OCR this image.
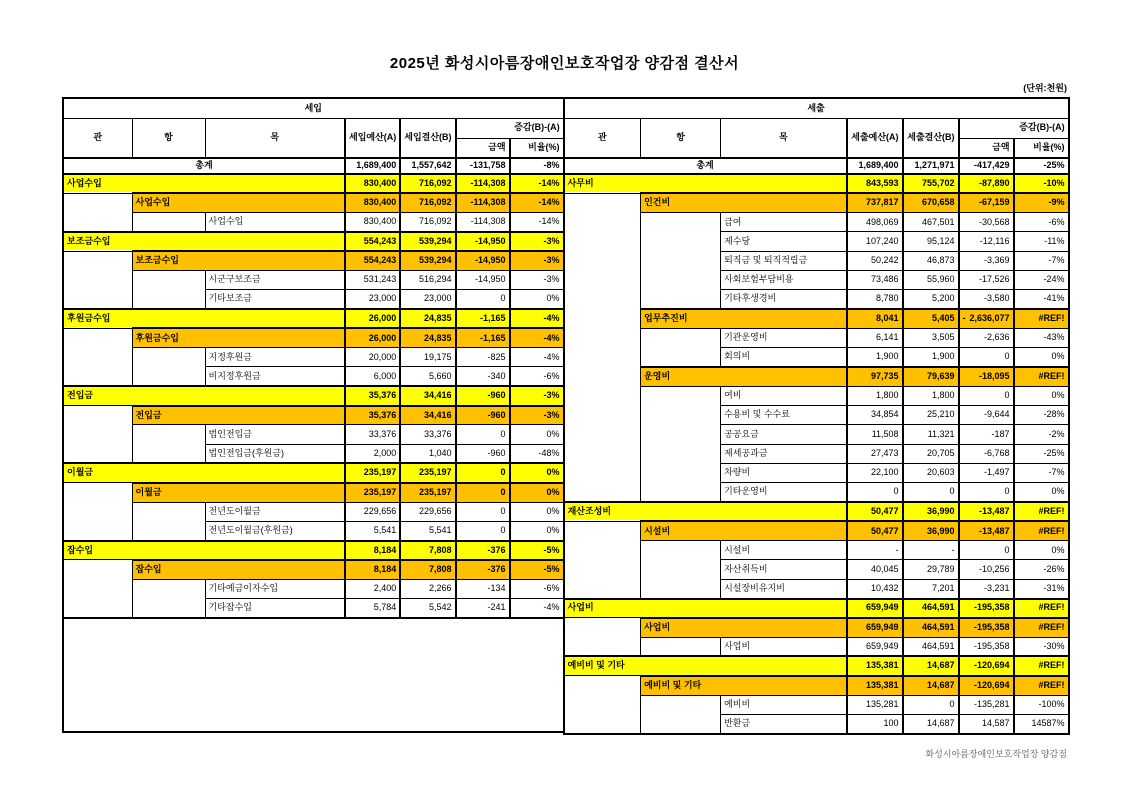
2025년 화성시아름장애인보호작업장 양감점 결산서
(단위:천원)
세입						
관	항	목	세입예산(A)	세입결산(B)	증감(B)-(A)	
					금액	비율(%)
총계			1,689,400	1,557,642	-131,758	-8%
사업수입			830,400	716,092	-114,308	-14%
	사업수입		830,400	716,092	-114,308	-14%
		사업수입	830,400	716,092	-114,308	-14%
보조금수입			554,243	539,294	-14,950	-3%
	보조금수입		554,243	539,294	-14,950	-3%
		시군구보조금	531,243	516,294	-14,950	-3%
		기타보조금	23,000	23,000	0	0%
후원금수입			26,000	24,835	-1,165	-4%
	후원금수입		26,000	24,835	-1,165	-4%
		지정후원금	20,000	19,175	-825	-4%
		비지정후원금	6,000	5,660	-340	-6%
전입금			35,376	34,416	-960	-3%
	전입금		35,376	34,416	-960	-3%
		법인전입금	33,376	33,376	0	0%
		법인전입금(후원금)	2,000	1,040	-960	-48%
이월금			235,197	235,197	0	0%
	이월금		235,197	235,197	0	0%
		전년도이월금	229,656	229,656	0	0%
		전년도이월금(후원금)	5,541	5,541	0	0%
잡수입			8,184	7,808	-376	-5%
	잡수입		8,184	7,808	-376	-5%
		기타예금이자수입	2,400	2,266	-134	-6%
		기타잡수입	5,784	5,542	-241	-4%

세출						
관	항	목	세출예산(A)	세출결산(B)	증감(B)-(A)	
					금액	비율(%)
총계			1,689,400	1,271,971	-417,429	-25%
사무비			843,593	755,702	-87,890	-10%
	인건비		737,817	670,658	-67,159	-9%
		급여	498,069	467,501	-30,568	-6%
		제수당	107,240	95,124	-12,116	-11%
		퇴직금 및 퇴직적립금	50,242	46,873	-3,369	-7%
		사회보험부담비용	73,486	55,960	-17,526	-24%
		기타후생경비	8,780	5,200	-3,580	-41%
	업무추진비		8,041	5,405	- 2,636,077	#REF!
		기관운영비	6,141	3,505	-2,636	-43%
		회의비	1,900	1,900	0	0%
	운영비		97,735	79,639	-18,095	#REF!
		여비	1,800	1,800	0	0%
		수용비 및 수수료	34,854	25,210	-9,644	-28%
		공공요금	11,508	11,321	-187	-2%
		제세공과금	27,473	20,705	-6,768	-25%
		차량비	22,100	20,603	-1,497	-7%
		기타운영비	0	0	0	0%
재산조성비			50,477	36,990	-13,487	#REF!
	시설비		50,477	36,990	-13,487	#REF!
		시설비	-	-	0	0%
		자산취득비	40,045	29,789	-10,256	-26%
		시설장비유지비	10,432	7,201	-3,231	-31%
사업비			659,949	464,591	-195,358	#REF!
	사업비		659,949	464,591	-195,358	#REF!
		사업비	659,949	464,591	-195,358	-30%
예비비 및 기타			135,381	14,687	-120,694	#REF!
	예비비 및 기타		135,381	14,687	-120,694	#REF!
		예비비	135,281	0	-135,281	-100%
		반환금	100	14,687	14,587	14587%
화성시아름장애인보호작업장 양감점
